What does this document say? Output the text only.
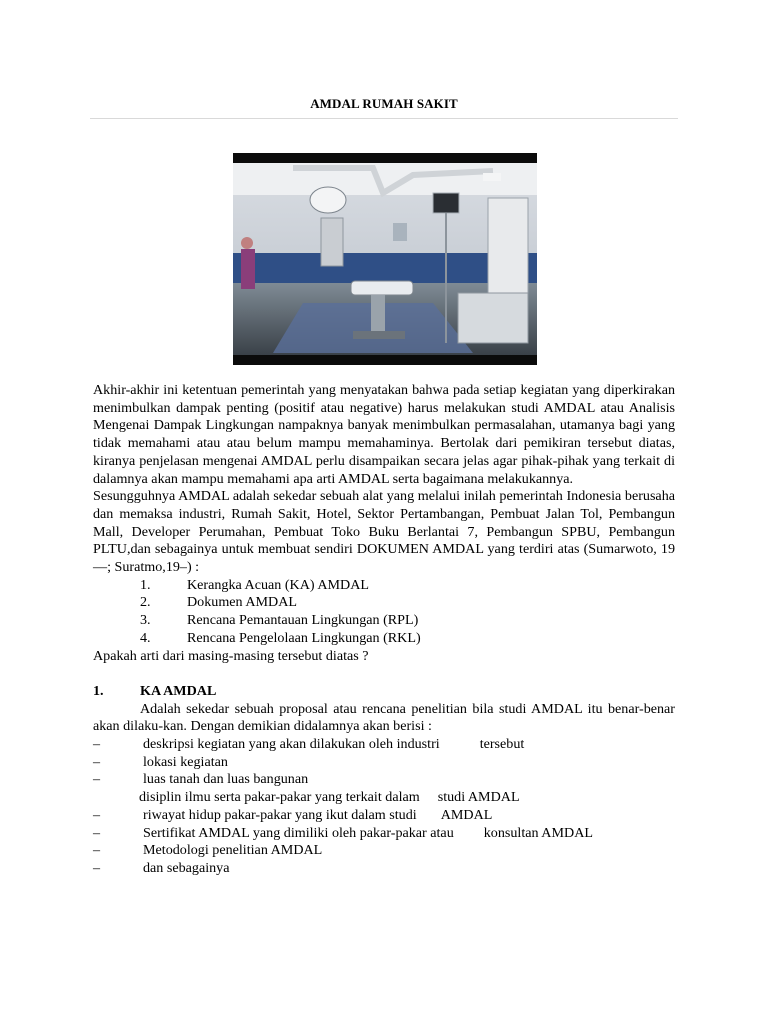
AMDAL RUMAH SAKIT

Akhir-akhir ini ketentuan pemerintah yang menyatakan bahwa pada setiap kegiatan yang diperkirakan menimbulkan dampak penting (positif atau negative) harus melakukan studi AMDAL atau Analisis Mengenai Dampak Lingkungan nampaknya banyak menimbulkan permasalahan, utamanya bagi yang tidak memahami atau atau belum mampu memahaminya. Bertolak dari pemikiran tersebut diatas, kiranya penjelasan mengenai AMDAL perlu disampaikan secara jelas agar pihak-pihak yang terkait di dalamnya akan mampu memahami apa arti AMDAL serta bagaimana melakukannya.

Sesungguhnya AMDAL adalah sekedar sebuah alat yang melalui inilah pemerintah Indonesia berusaha dan memaksa industri, Rumah Sakit, Hotel, Sektor Pertambangan, Pembuat Jalan Tol, Pembangun Mall, Developer Perumahan, Pembuat Toko Buku Berlantai 7, Pembangun SPBU, Pembangun PLTU,dan sebagainya untuk membuat sendiri DOKUMEN AMDAL yang terdiri atas (Sumarwoto, 19—; Suratmo,19–) :

1.	Kerangka Acuan (KA) AMDAL
2.	Dokumen AMDAL
3.	Rencana Pemantauan Lingkungan (RPL)
4.	Rencana Pengelolaan Lingkungan (RKL)

Apakah arti dari masing-masing tersebut diatas ?

1.	KA AMDAL

Adalah sekedar sebuah proposal atau rencana penelitian bila studi AMDAL itu benar-benar akan dilaku-kan. Dengan demikian didalamnya akan berisi :

–	deskripsi kegiatan yang akan dilakukan oleh industri	tersebut

–	lokasi kegiatan

–	luas tanah dan luas bangunan

disiplin ilmu serta pakar-pakar yang terkait dalam studi AMDAL

–	riwayat hidup pakar-pakar yang ikut dalam studi AMDAL

–	Sertifikat AMDAL yang dimiliki oleh pakar-pakar atau konsultan AMDAL

–	Metodologi penelitian AMDAL

–	dan sebagainya
